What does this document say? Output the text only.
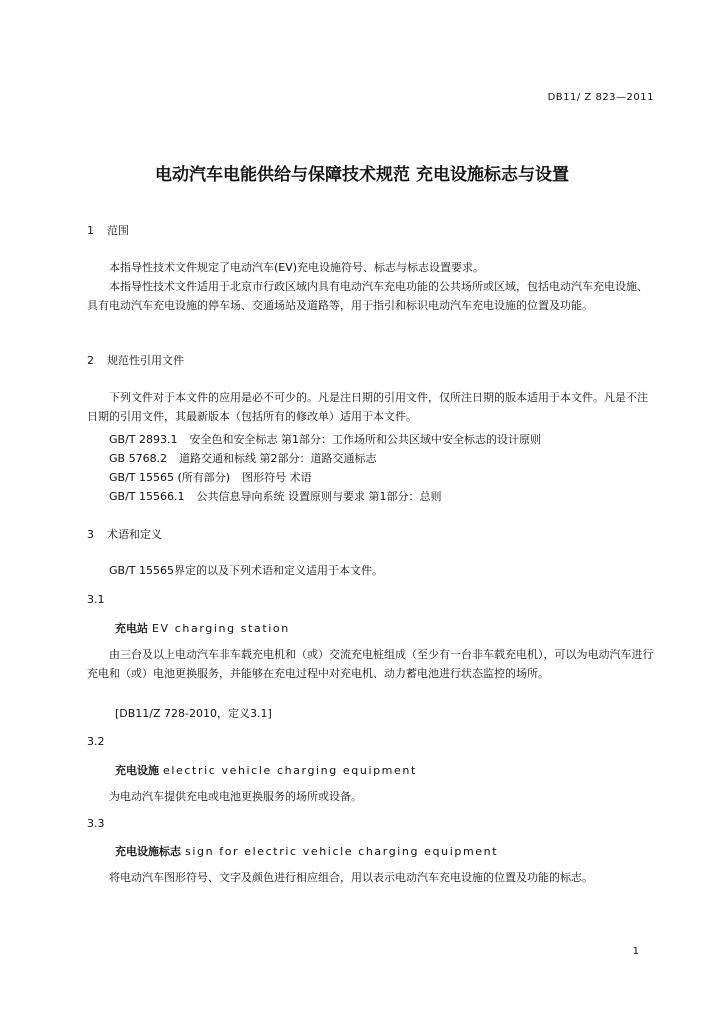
DB11/ Z 823—2011
电动汽车电能供给与保障技术规范 充电设施标志与设置
1 范围
本指导性技术文件规定了电动汽车(EV)充电设施符号、标志与标志设置要求。
本指导性技术文件适用于北京市行政区域内具有电动汽车充电功能的公共场所或区域，包括电动汽车充电设施、具有电动汽车充电设施的停车场、交通场站及道路等，用于指引和标识电动汽车充电设施的位置及功能。
2 规范性引用文件
下列文件对于本文件的应用是必不可少的。凡是注日期的引用文件，仅所注日期的版本适用于本文件。凡是不注日期的引用文件，其最新版本（包括所有的修改单）适用于本文件。
GB/T 2893.1 安全色和安全标志 第1部分：工作场所和公共区域中安全标志的设计原则
GB 5768.2 道路交通和标线 第2部分：道路交通标志
GB/T 15565 (所有部分) 图形符号 术语
GB/T 15566.1 公共信息导向系统 设置原则与要求 第1部分：总则
3 术语和定义
GB/T 15565界定的以及下列术语和定义适用于本文件。
3.1
充电站 EV charging station
由三台及以上电动汽车非车载充电机和（或）交流充电桩组成（至少有一台非车载充电机），可以为电动汽车进行充电和（或）电池更换服务，并能够在充电过程中对充电机、动力蓄电池进行状态监控的场所。
[DB11/Z 728-2010，定义3.1]
3.2
充电设施 electric vehicle charging equipment
为电动汽车提供充电或电池更换服务的场所或设备。
3.3
充电设施标志 sign for electric vehicle charging equipment
将电动汽车图形符号、文字及颜色进行相应组合，用以表示电动汽车充电设施的位置及功能的标志。
1
